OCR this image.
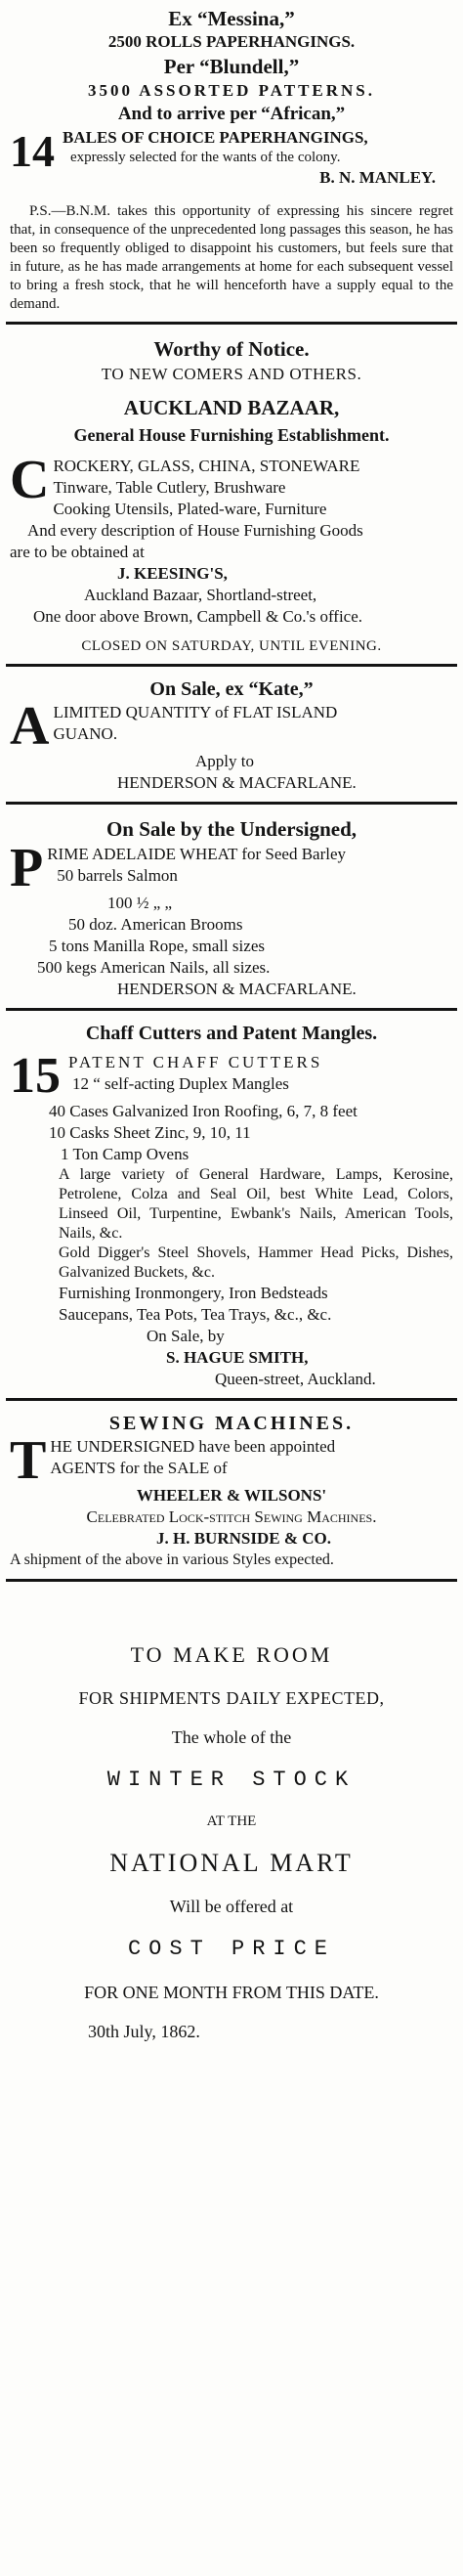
Ex “Messina,”
2500 ROLLS PAPERHANGINGS.
Per “Blundell,”
3500 ASSORTED PATTERNS.
And to arrive per “African,”
14 BALES OF CHOICE PAPERHANGINGS,
expressly selected for the wants of the colony.
B. N. MANLEY.
P.S.—B.N.M. takes this opportunity of expressing his sincere regret that, in consequence of the unprecedented long passages this season, he has been so frequently obliged to disappoint his customers, but feels sure that in future, as he has made arrangements at home for each subsequent vessel to bring a fresh stock, that he will henceforth have a supply equal to the demand.
Worthy of Notice.
TO NEW COMERS AND OTHERS.
AUCKLAND BAZAAR,
General House Furnishing Establishment.
C ROCKERY, GLASS, CHINA, STONEWARE
Tinware, Table Cutlery, Brushware
Cooking Utensils, Plated-ware, Furniture
And every description of House Furnishing Goods
are to be obtained at
J. KEESING'S,
Auckland Bazaar, Shortland-street,
One door above Brown, Campbell & Co.'s office.
CLOSED ON SATURDAY, UNTIL EVENING.
On Sale, ex “Kate,”
A LIMITED QUANTITY of FLAT ISLAND
GUANO.
Apply to
HENDERSON & MACFARLANE.
On Sale by the Undersigned,
P RIME ADELAIDE WHEAT for Seed Barley
50 barrels Salmon
100 ½ „ „
50 doz. American Brooms
5 tons Manilla Rope, small sizes
500 kegs American Nails, all sizes.
HENDERSON & MACFARLANE.
Chaff Cutters and Patent Mangles.
15 PATENT CHAFF CUTTERS
12 “ self-acting Duplex Mangles
40 Cases Galvanized Iron Roofing, 6, 7, 8 feet
10 Casks Sheet Zinc, 9, 10, 11
1 Ton Camp Ovens
A large variety of General Hardware, Lamps, Kerosine, Petrolene, Colza and Seal Oil, best White Lead, Colors, Linseed Oil, Turpentine, Ewbank's Nails, American Tools, Nails, &c.
Gold Digger's Steel Shovels, Hammer Head Picks, Dishes, Galvanized Buckets, &c.
Furnishing Ironmongery, Iron Bedsteads
Saucepans, Tea Pots, Tea Trays, &c., &c.
On Sale, by
S. HAGUE SMITH,
Queen-street, Auckland.
SEWING MACHINES.
T HE UNDERSIGNED have been appointed
AGENTS for the SALE of
WHEELER & WILSONS'
Celebrated Lock-stitch Sewing Machines.
J. H. BURNSIDE & CO.
A shipment of the above in various Styles expected.
TO MAKE ROOM
FOR SHIPMENTS DAILY EXPECTED,
The whole of the
WINTER STOCK
AT THE
NATIONAL MART
Will be offered at
COST PRICE
FOR ONE MONTH FROM THIS DATE.
30th July, 1862.
